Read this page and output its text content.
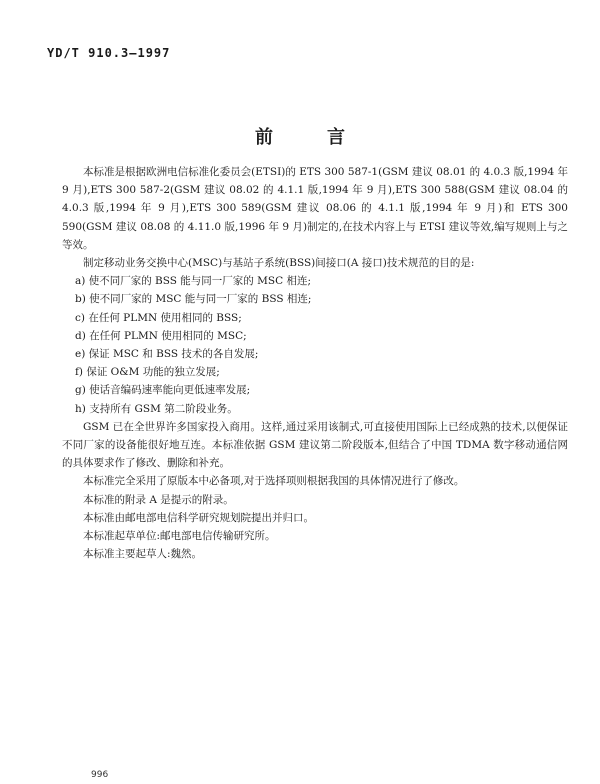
YD/T 910.3—1997
前言

本标准是根据欧洲电信标准化委员会(ETSI)的 ETS 300 587-1(GSM 建议 08.01 的 4.0.3 版,1994 年 9 月),ETS 300 587-2(GSM 建议 08.02 的 4.1.1 版,1994 年 9 月),ETS 300 588(GSM 建议 08.04 的 4.0.3 版,1994 年 9 月),ETS 300 589(GSM 建议 08.06 的 4.1.1 版,1994 年 9 月)和 ETS 300 590(GSM 建议 08.08 的 4.11.0 版,1996 年 9 月)制定的,在技术内容上与 ETSI 建议等效,编写规则上与之等效。

制定移动业务交换中心(MSC)与基站子系统(BSS)间接口(A 接口)技术规范的目的是:

a) 使不同厂家的 BSS 能与同一厂家的 MSC 相连;

b) 使不同厂家的 MSC 能与同一厂家的 BSS 相连;

c) 在任何 PLMN 使用相同的 BSS;

d) 在任何 PLMN 使用相同的 MSC;

e) 保证 MSC 和 BSS 技术的各自发展;

f) 保证 O&M 功能的独立发展;

g) 使话音编码速率能向更低速率发展;

h) 支持所有 GSM 第二阶段业务。

GSM 已在全世界许多国家投入商用。这样,通过采用该制式,可直接使用国际上已经成熟的技术,以便保证不同厂家的设备能很好地互连。本标准依据 GSM 建议第二阶段版本,但结合了中国 TDMA 数字移动通信网的具体要求作了修改、删除和补充。

本标准完全采用了原版本中必备项,对于选择项则根据我国的具体情况进行了修改。

本标准的附录 A 是提示的附录。

本标准由邮电部电信科学研究规划院提出并归口。

本标准起草单位:邮电部电信传输研究所。

本标准主要起草人:魏然。

996
